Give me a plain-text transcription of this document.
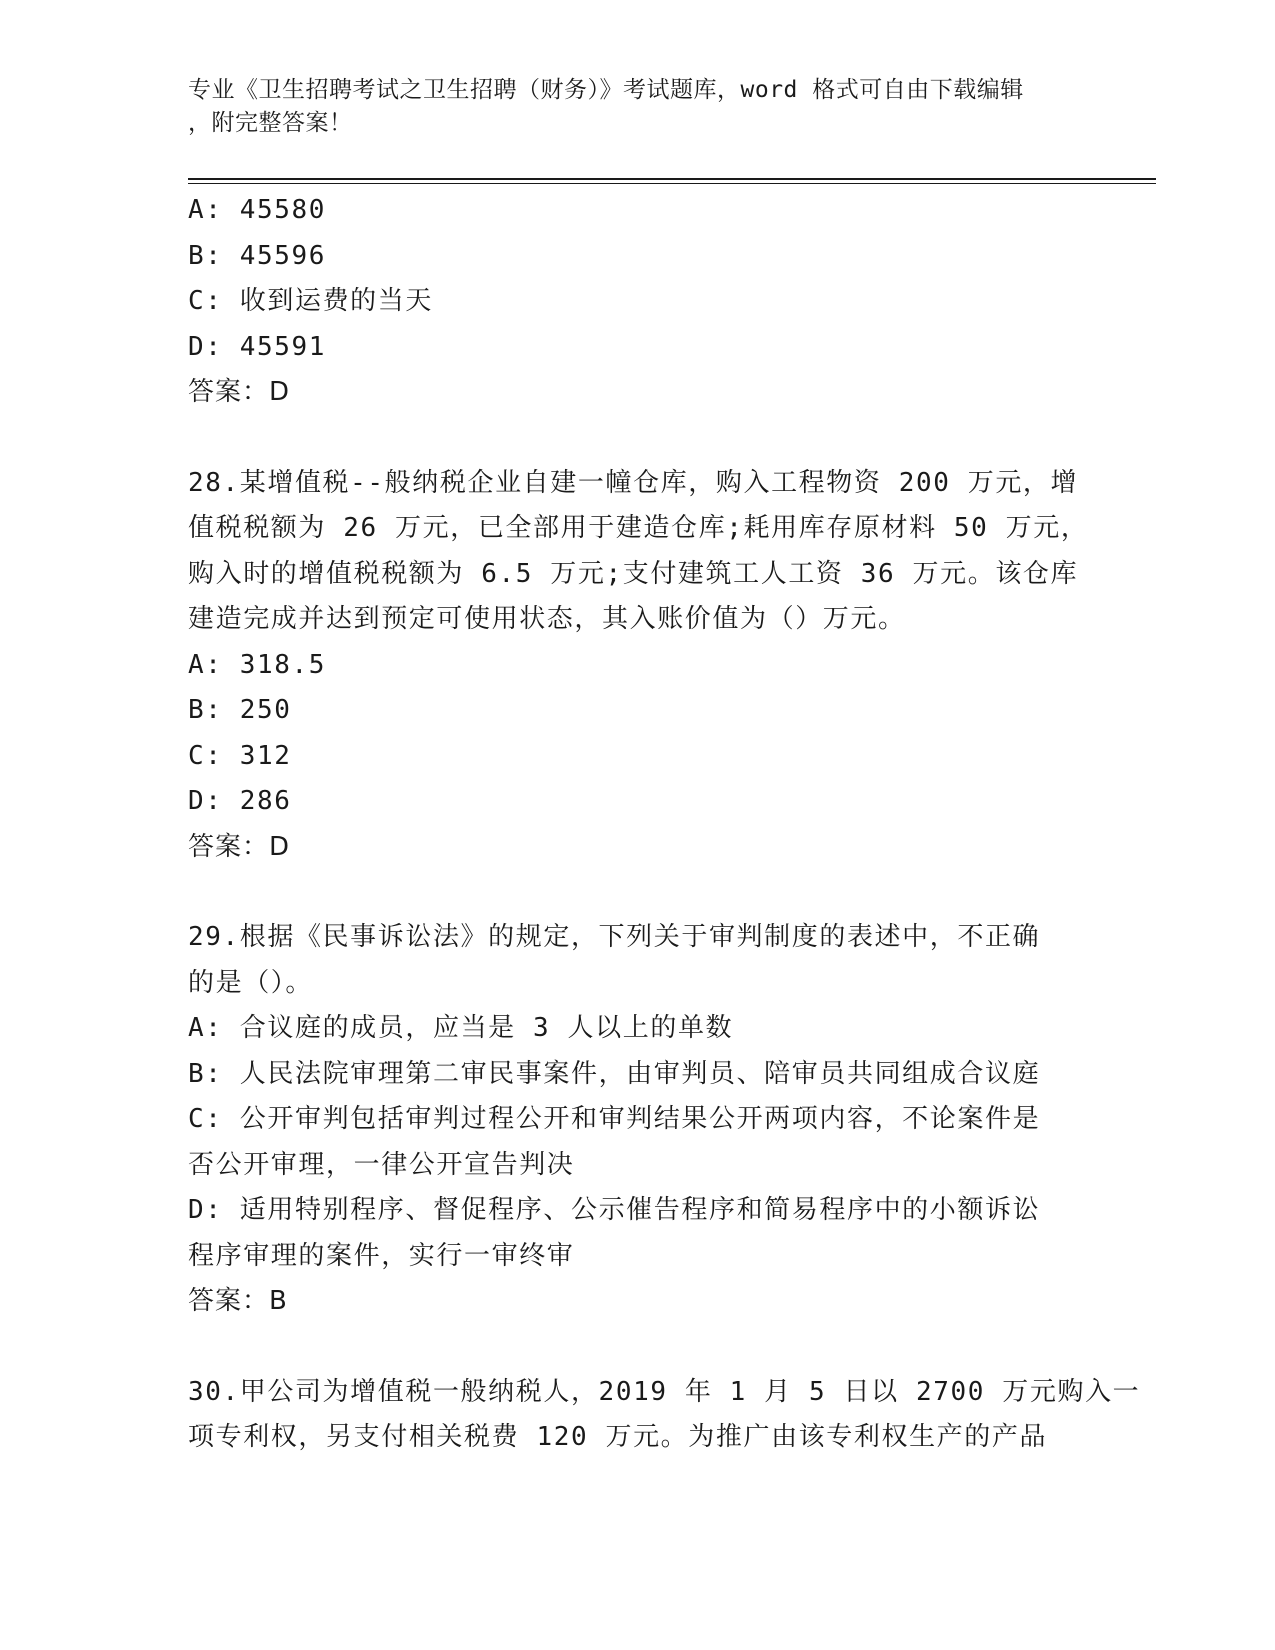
专业《卫生招聘考试之卫生招聘（财务）》考试题库，word 格式可自由下载编辑
，附完整答案！
A: 45580
B: 45596
C: 收到运费的当天
D: 45591
答案：D
28.某增值税--般纳税企业自建一幢仓库，购入工程物资 200 万元，增
值税税额为 26 万元，已全部用于建造仓库;耗用库存原材料 50 万元，
购入时的增值税税额为 6.5 万元;支付建筑工人工资 36 万元。该仓库
建造完成并达到预定可使用状态，其入账价值为（）万元。
A: 318.5
B: 250
C: 312
D: 286
答案：D
29.根据《民事诉讼法》的规定，下列关于审判制度的表述中，不正确
的是（）。
A: 合议庭的成员，应当是 3 人以上的单数
B: 人民法院审理第二审民事案件，由审判员、陪审员共同组成合议庭
C: 公开审判包括审判过程公开和审判结果公开两项内容，不论案件是
否公开审理，一律公开宣告判决
D: 适用特别程序、督促程序、公示催告程序和简易程序中的小额诉讼
程序审理的案件，实行一审终审
答案：B
30.甲公司为增值税一般纳税人，2019 年 1 月 5 日以 2700 万元购入一
项专利权，另支付相关税费 120 万元。为推广由该专利权生产的产品
